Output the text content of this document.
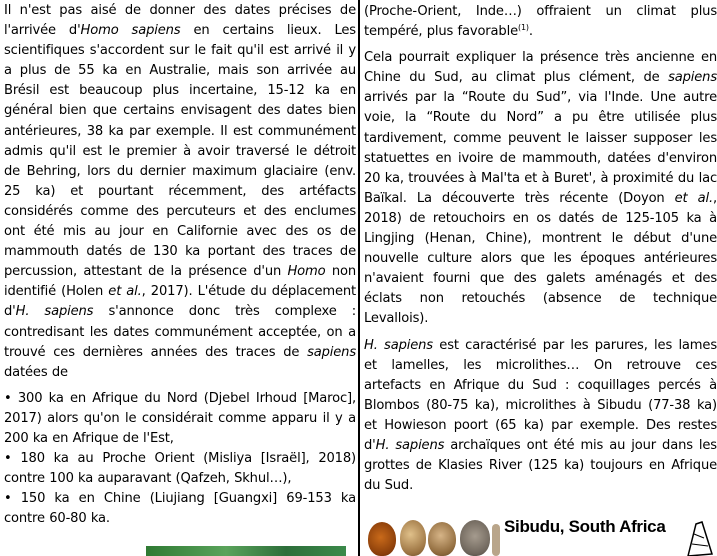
Il n'est pas aisé de donner des dates précises de l'arrivée d'Homo sapiens en certains lieux. Les scientifiques s'accordent sur le fait qu'il est arrivé il y a plus de 55 ka en Australie, mais son arrivée au Brésil est beaucoup plus incertaine, 15-12 ka en général bien que certains envisagent des dates bien antérieures, 38 ka par exemple. Il est communément admis qu'il est le premier à avoir traversé le détroit de Behring, lors du dernier maximum glaciaire (env. 25 ka) et pourtant récemment, des artéfacts considérés comme des percuteurs et des enclumes ont été mis au jour en Californie avec des os de mammouth datés de 130 ka portant des traces de percussion, attestant de la présence d'un Homo non identifié (Holen et al., 2017). L'étude du déplacement d'H. sapiens s'annonce donc très complexe : contredisant les dates communément acceptée, on a trouvé ces dernières années des traces de sapiens datées de

• 300 ka en Afrique du Nord (Djebel Irhoud [Maroc], 2017) alors qu'on le considérait comme apparu il y a 200 ka en Afrique de l'Est,

• 180 ka au Proche Orient (Misliya [Israël], 2018) contre 100 ka auparavant (Qafzeh, Skhul…),

• 150 ka en Chine (Liujiang [Guangxi] 69-153 ka contre 60-80 ka.

(Proche-Orient, Inde…) offraient un climat plus tempéré, plus favorable$^{(1)}$.

Cela pourrait expliquer la présence très ancienne en Chine du Sud, au climat plus clément, de sapiens arrivés par la “Route du Sud”, via l'Inde. Une autre voie, la “Route du Nord” a pu être utilisée plus tardivement, comme peuvent le laisser supposer les statuettes en ivoire de mammouth, datées d'environ 20 ka, trouvées à Mal'ta et à Buret', à proximité du lac Baïkal. La découverte très récente (Doyon et al., 2018) de retouchoirs en os datés de 125-105 ka à Lingjing (Henan, Chine), montrent le début d'une nouvelle culture alors que les époques antérieures n'avaient fourni que des galets aménagés et des éclats non retouchés (absence de technique Levallois).

H. sapiens est caractérisé par les parures, les lames et lamelles, les microlithes… On retrouve ces artefacts en Afrique du Sud : coquillages percés à Blombos (80-75 ka), microlithes à Sibudu (77-38 ka) et Howieson poort (65 ka) par exemple. Des restes d'H. sapiens archaïques ont été mis au jour dans les grottes de Klasies River (125 ka) toujours en Afrique du Sud.

Sibudu, South Africa
